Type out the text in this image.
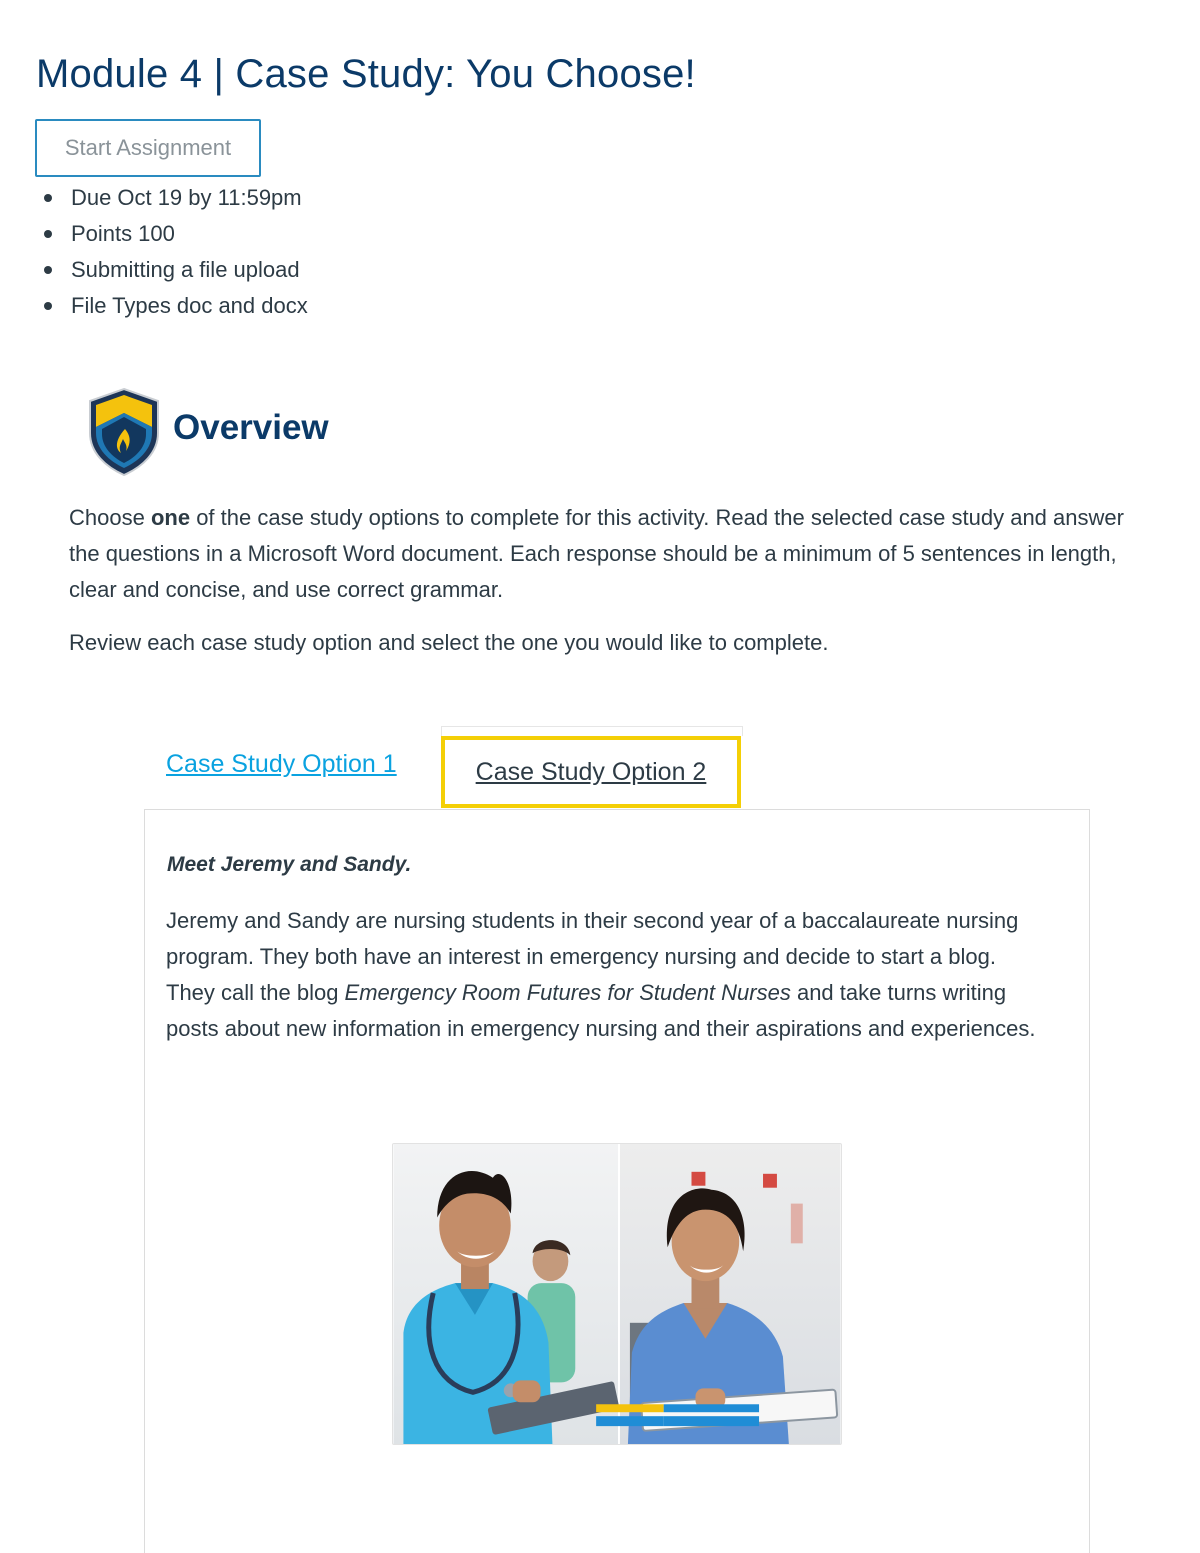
Module 4 | Case Study: You Choose!
Start Assignment
Due Oct 19 by 11:59pm
Points 100
Submitting a file upload
File Types doc and docx
Overview

Choose one of the case study options to complete for this activity. Read the selected case study and answer the questions in a Microsoft Word document. Each response should be a minimum of 5 sentences in length, clear and concise, and use correct grammar.

Review each case study option and select the one you would like to complete.

Case Study Option 1	Case Study Option 2
Meet Jeremy and Sandy.

Jeremy and Sandy are nursing students in their second year of a baccalaureate nursing program. They both have an interest in emergency nursing and decide to start a blog. They call the blog Emergency Room Futures for Student Nurses and take turns writing posts about new information in emergency nursing and their aspirations and experiences.
